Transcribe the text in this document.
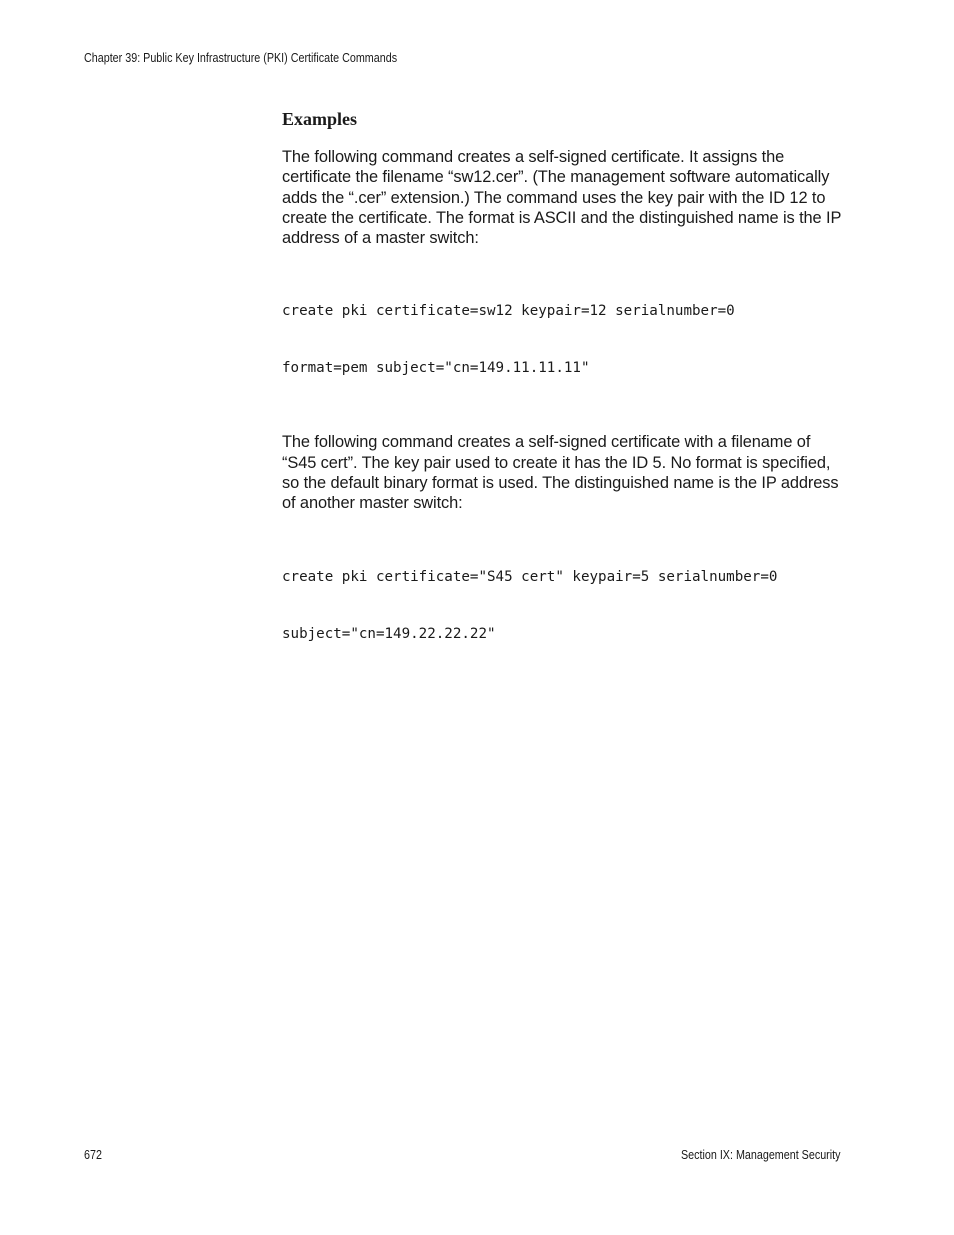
Chapter 39: Public Key Infrastructure (PKI) Certificate Commands
Examples

The following command creates a self-signed certificate. It assigns the certificate the filename “sw12.cer”. (The management software automatically adds the “.cer” extension.) The command uses the key pair with the ID 12 to create the certificate. The format is ASCII and the distinguished name is the IP address of a master switch:

create pki certificate=sw12 keypair=12 serialnumber=0

format=pem subject="cn=149.11.11.11"

The following command creates a self-signed certificate with a filename of “S45 cert”. The key pair used to create it has the ID 5. No format is specified, so the default binary format is used. The distinguished name is the IP address of another master switch:

create pki certificate="S45 cert" keypair=5 serialnumber=0

subject="cn=149.22.22.22"

672	Section IX: Management Security
